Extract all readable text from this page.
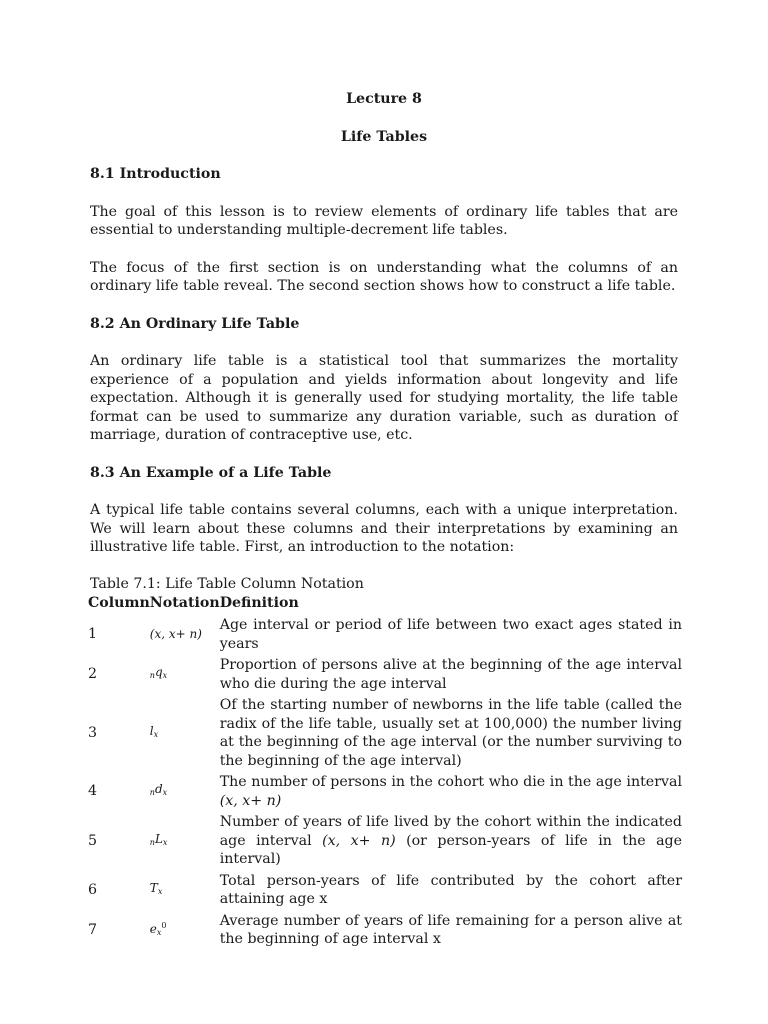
Lecture 8
Life Tables
8.1 Introduction

The goal of this lesson is to review elements of ordinary life tables that are essential to understanding multiple-decrement life tables.

The focus of the first section is on understanding what the columns of an ordinary life table reveal. The second section shows how to construct a life table.

8.2 An Ordinary Life Table

An ordinary life table is a statistical tool that summarizes the mortality experience of a population and yields information about longevity and life expectation. Although it is generally used for studying mortality, the life table format can be used to summarize any duration variable, such as duration of marriage, duration of contraceptive use, etc.

8.3 An Example of a Life Table

A typical life table contains several columns, each with a unique interpretation. We will learn about these columns and their interpretations by examining an illustrative life table. First, an introduction to the notation:

Table 7.1: Life Table Column Notation
Column	Notation	Definition
1	(x, x+ n)	Age interval or period of life between two exact ages stated in years
2	$nq_x$	Proportion of persons alive at the beginning of the age interval who die during the age interval
3	$l_x$	Of the starting number of newborns in the life table (called the radix of the life table, usually set at 100,000) the number living at the beginning of the age interval (or the number surviving to the beginning of the age interval)
4	$nd_x$	The number of persons in the cohort who die in the age interval (x, x+ n)
5	$nL_x$	Number of years of life lived by the cohort within the indicated age interval (x, x+ n) (or person-years of life in the age interval)
6	$T_x$	Total person-years of life contributed by the cohort after attaining age x
7	$e_x^0$	Average number of years of life remaining for a person alive at the beginning of age interval x
